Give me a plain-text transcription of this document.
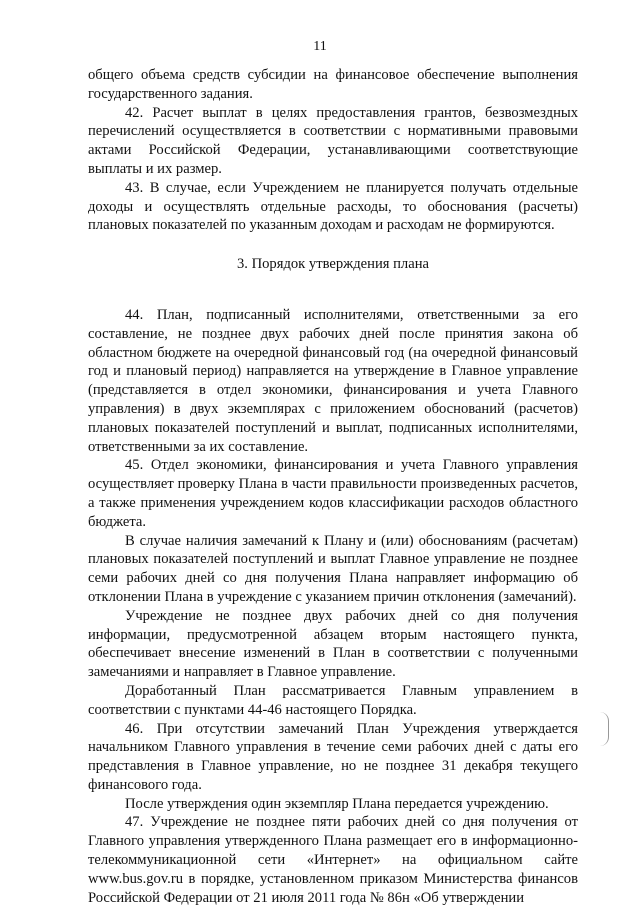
11

общего объема средств субсидии на финансовое обеспечение выполнения государственного задания.

42. Расчет выплат в целях предоставления грантов, безвозмездных перечислений осуществляется в соответствии с нормативными правовыми актами Российской Федерации, устанавливающими соответствующие выплаты и их размер.

43. В случае, если Учреждением не планируется получать отдельные доходы и осуществлять отдельные расходы, то обоснования (расчеты) плановых показателей по указанным доходам и расходам не формируются.

3. Порядок утверждения плана

44. План, подписанный исполнителями, ответственными за его составление, не позднее двух рабочих дней после принятия закона об областном бюджете на очередной финансовый год (на очередной финансовый год и плановый период) направляется на утверждение в Главное управление (представляется в отдел экономики, финансирования и учета Главного управления) в двух экземплярах с приложением обоснований (расчетов) плановых показателей поступлений и выплат, подписанных исполнителями, ответственными за их составление.

45. Отдел экономики, финансирования и учета Главного управления осуществляет проверку Плана в части правильности произведенных расчетов, а также применения учреждением кодов классификации расходов областного бюджета.

В случае наличия замечаний к Плану и (или) обоснованиям (расчетам) плановых показателей поступлений и выплат Главное управление не позднее семи рабочих дней со дня получения Плана направляет информацию об отклонении Плана в учреждение с указанием причин отклонения (замечаний).

Учреждение не позднее двух рабочих дней со дня получения информации, предусмотренной абзацем вторым настоящего пункта, обеспечивает внесение изменений в План в соответствии с полученными замечаниями и направляет в Главное управление.

Доработанный План рассматривается Главным управлением в соответствии с пунктами 44-46 настоящего Порядка.

46. При отсутствии замечаний План Учреждения утверждается начальником Главного управления в течение семи рабочих дней с даты его представления в Главное управление, но не позднее 31 декабря текущего финансового года.

После утверждения один экземпляр Плана передается учреждению.

47. Учреждение не позднее пяти рабочих дней со дня получения от Главного управления утвержденного Плана размещает его в информационно-телекоммуникационной сети «Интернет» на официальном сайте www.bus.gov.ru в порядке, установленном приказом Министерства финансов Российской Федерации от 21 июля 2011 года № 86н «Об утверждении
